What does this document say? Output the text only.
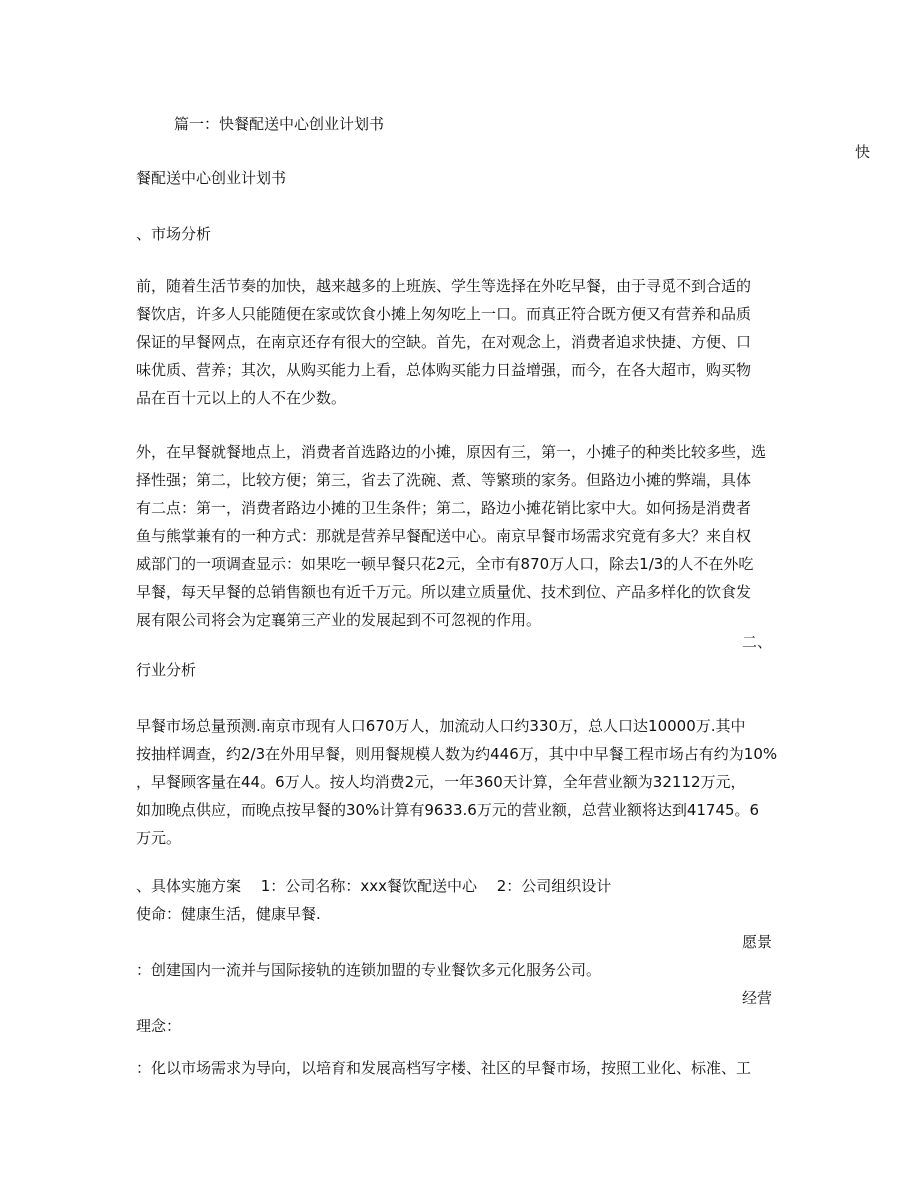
篇一：快餐配送中心创业计划书
快
餐配送中心创业计划书
、市场分析
前，随着生活节奏的加快，越来越多的上班族、学生等选择在外吃早餐，由于寻觅不到合适的
餐饮店，许多人只能随便在家或饮食小摊上匆匆吃上一口。而真正符合既方便又有营养和品质
保证的早餐网点，在南京还存有很大的空缺。首先，在对观念上，消费者追求快捷、方便、口
味优质、营养；其次，从购买能力上看，总体购买能力日益增强，而今，在各大超市，购买物
品在百十元以上的人不在少数。
外，在早餐就餐地点上，消费者首选路边的小摊，原因有三，第一，小摊子的种类比较多些，选
择性强；第二，比较方便；第三，省去了洗碗、煮、等繁琐的家务。但路边小摊的弊端，具体
有二点：第一，消费者路边小摊的卫生条件；第二，路边小摊花销比家中大。如何扬是消费者
鱼与熊掌兼有的一种方式：那就是营养早餐配送中心。南京早餐市场需求究竟有多大？来自权
威部门的一项调查显示：如果吃一顿早餐只花2元，全市有870万人口，除去1/3的人不在外吃
早餐，每天早餐的总销售额也有近千万元。所以建立质量优、技术到位、产品多样化的饮食发
展有限公司将会为定襄第三产业的发展起到不可忽视的作用。
二、
行业分析
早餐市场总量预测.南京市现有人口670万人，加流动人口约330万，总人口达10000万.其中
按抽样调查，约2/3在外用早餐，则用餐规模人数为约446万，其中中早餐工程市场占有约为10%
，早餐顾客量在44。6万人。按人均消费2元，一年360天计算，全年营业额为32112万元，
如加晚点供应，而晚点按早餐的30%计算有9633.6万元的营业额，总营业额将达到41745。6
万元。
、具体实施方案　 1：公司名称：xxx餐饮配送中心　 2：公司组织设计
使命：健康生活，健康早餐.
愿景
：创建国内一流并与国际接轨的连锁加盟的专业餐饮多元化服务公司。
经营
理念：
：化以市场需求为导向，以培育和发展高档写字楼、社区的早餐市场，按照工业化、标准、工
